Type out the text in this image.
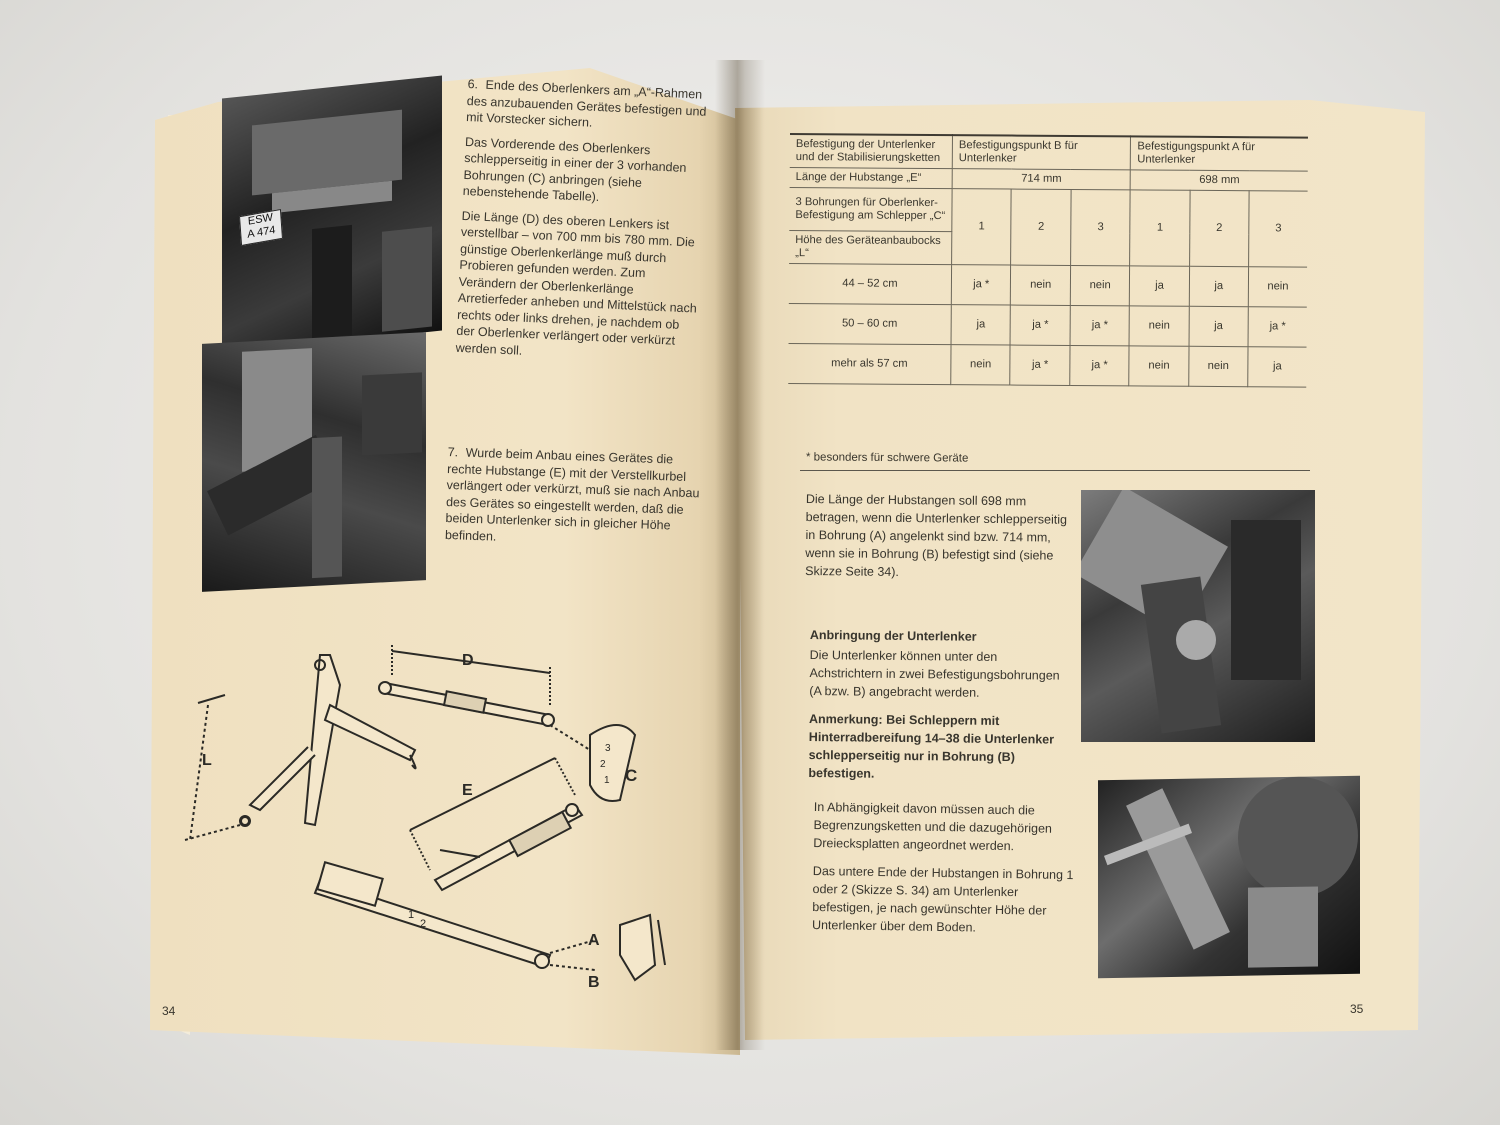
ESW
A 474

6. Ende des Oberlenkers am „A“-Rahmen des anzubauenden Gerätes befestigen und mit Vorstecker sichern.

Das Vorderende des Oberlenkers schlepperseitig in einer der 3 vorhanden Bohrungen (C) anbringen (siehe nebenstehende Tabelle).

Die Länge (D) des oberen Lenkers ist verstellbar – von 700 mm bis 780 mm. Die günstige Oberlenkerlänge muß durch Probieren gefunden werden. Zum Verändern der Oberlenkerlänge Arretierfeder anheben und Mittelstück nach rechts oder links drehen, je nachdem ob der Oberlenker verlängert oder verkürzt werden soll.

7. Wurde beim Anbau eines Gerätes die rechte Hubstange (E) mit der Verstellkurbel verlängert oder verkürzt, muß sie nach Anbau des Gerätes so eingestellt werden, daß die beiden Unterlenker sich in gleicher Höhe befinden.

D
E
L
C
A
B
1
2
3
1
2
34
Befestigung der Unterlenker und der Stabilisierungsketten	Befestigungspunkt B für Unterlenker			Befestigungspunkt A für Unterlenker		
Länge der Hubstange „E“	714 mm			698 mm		
3 Bohrungen für Oberlenker-Befestigung am Schlepper „C“	1	2	3	1	2	3
Höhe des Geräteanbaubocks „L“						
44 – 52 cm	ja *	nein	nein	ja	ja	nein
50 – 60 cm	ja	ja *	ja *	nein	ja	ja *
mehr als 57 cm	nein	ja *	ja *	nein	nein	ja
* besonders für schwere Geräte

Die Länge der Hubstangen soll 698 mm betragen, wenn die Unterlenker schlepperseitig in Bohrung (A) angelenkt sind bzw. 714 mm, wenn sie in Bohrung (B) befestigt sind (siehe Skizze Seite 34).

Anbringung der Unterlenker

Die Unterlenker können unter den Achstrichtern in zwei Befestigungsbohrungen (A bzw. B) angebracht werden.

Anmerkung: Bei Schleppern mit Hinterradbereifung 14–38 die Unterlenker schlepperseitig nur in Bohrung (B) befestigen.

In Abhängigkeit davon müssen auch die Begrenzungsketten und die dazugehörigen Dreiecksplatten angeordnet werden.

Das untere Ende der Hubstangen in Bohrung 1 oder 2 (Skizze S. 34) am Unterlenker befestigen, je nach gewünschter Höhe der Unterlenker über dem Boden.

35
